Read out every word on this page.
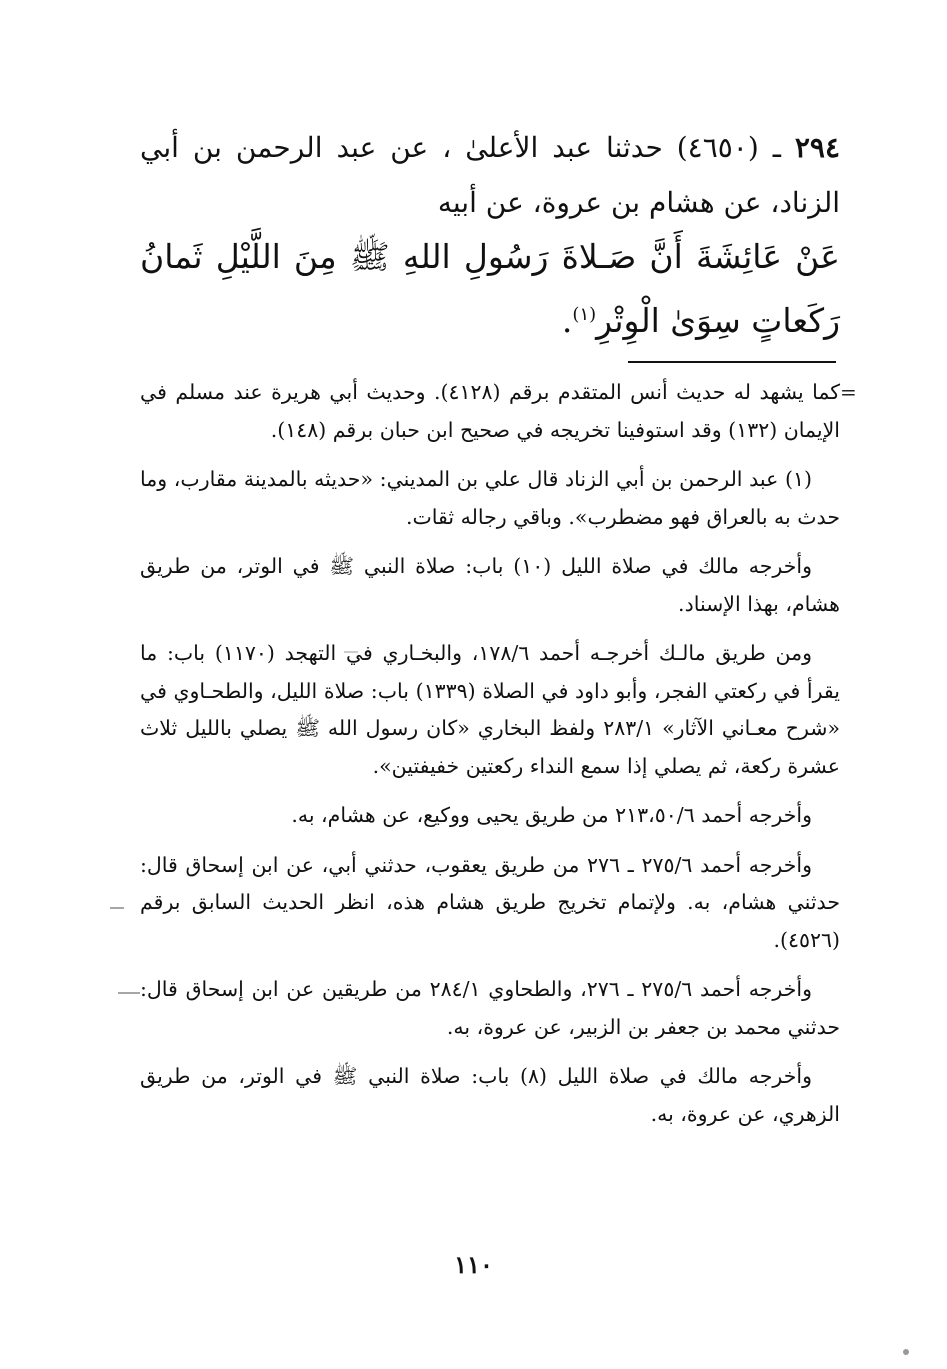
٢٩٤ ـ (٤٦٥٠) حدثنا عبد الأعلىٰ ، عن عبد الرحمن بن أبي الزناد، عن هشام بن عروة، عن أبيه
عَنْ عَائِشَةَ أَنَّ صَـلاةَ رَسُولِ اللهِ ﷺ مِنَ اللَّيْلِ ثَمانُ رَكَعاتٍ سِوَىٰ الْوِتْرِ$^{(١)}$.
=

كما يشهد له حديث أنس المتقدم برقم (٤١٢٨). وحديث أبي هريرة عند مسلم في الإيمان (١٣٢) وقد استوفينا تخريجه في صحيح ابن حبان برقم (١٤٨).

(١) عبد الرحمن بن أبي الزناد قال علي بن المديني: «حديثه بالمدينة مقارب، وما حدث به بالعراق فهو مضطرب». وباقي رجاله ثقات.

وأخرجه مالك في صلاة الليل (١٠) باب: صلاة النبي ﷺ في الوتر، من طريق هشام، بهذا الإسناد.

ومن طريق مالـك أخرجـه أحمد ١٧٨/٦، والبخـاري في التهجد (١١٧٠) باب: ما يقرأ في ركعتي الفجر، وأبو داود في الصلاة (١٣٣٩) باب: صلاة الليل، والطحـاوي في «شرح معـاني الآثار» ٢٨٣/١ ولفظ البخاري «كان رسول الله ﷺ يصلي بالليل ثلاث عشرة ركعة، ثم يصلي إذا سمع النداء ركعتين خفيفتين».

وأخرجه أحمد ٢١٣،٥٠/٦ من طريق يحيى ووكيع، عن هشام، به.

وأخرجه أحمد ٢٧٥/٦ ـ ٢٧٦ من طريق يعقوب، حدثني أبي، عن ابن إسحاق قال: حدثني هشام، به. ولإتمام تخريج طريق هشام هذه، انظر الحديث السابق برقم (٤٥٢٦).

وأخرجه أحمد ٢٧٥/٦ ـ ٢٧٦، والطحاوي ٢٨٤/١ من طريقين عن ابن إسحاق قال: حدثني محمد بن جعفر بن الزبير، عن عروة، به.

وأخرجه مالك في صلاة الليل (٨) باب: صلاة النبي ﷺ في الوتر، من طريق الزهري، عن عروة، به.

١١٠
